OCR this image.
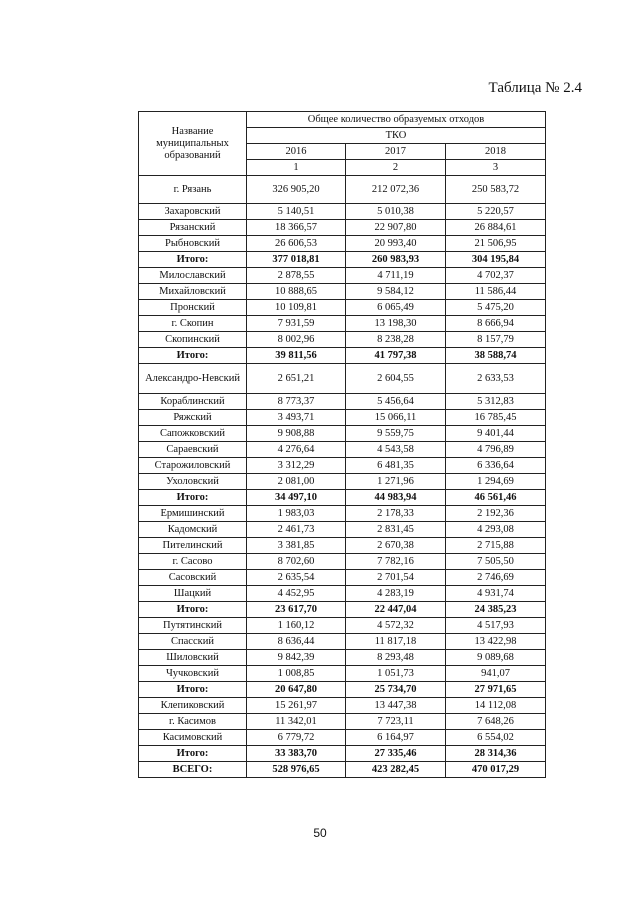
Таблица № 2.4
Название муниципальных образований	Общее количество образуемых отходов		
	ТКО		
	2016	2017	2018
	1	2	3
г. Рязань	326 905,20	212 072,36	250 583,72
Захаровский	5 140,51	5 010,38	5 220,57
Рязанский	18 366,57	22 907,80	26 884,61
Рыбновский	26 606,53	20 993,40	21 506,95
Итого:	377 018,81	260 983,93	304 195,84
Милославский	2 878,55	4 711,19	4 702,37
Михайловский	10 888,65	9 584,12	11 586,44
Пронский	10 109,81	6 065,49	5 475,20
г. Скопин	7 931,59	13 198,30	8 666,94
Скопинский	8 002,96	8 238,28	8 157,79
Итого:	39 811,56	41 797,38	38 588,74
Александро-Невский	2 651,21	2 604,55	2 633,53
Кораблинский	8 773,37	5 456,64	5 312,83
Ряжский	3 493,71	15 066,11	16 785,45
Сапожковский	9 908,88	9 559,75	9 401,44
Сараевский	4 276,64	4 543,58	4 796,89
Старожиловский	3 312,29	6 481,35	6 336,64
Ухоловский	2 081,00	1 271,96	1 294,69
Итого:	34 497,10	44 983,94	46 561,46
Ермишинский	1 983,03	2 178,33	2 192,36
Кадомский	2 461,73	2 831,45	4 293,08
Пителинский	3 381,85	2 670,38	2 715,88
г. Сасово	8 702,60	7 782,16	7 505,50
Сасовский	2 635,54	2 701,54	2 746,69
Шацкий	4 452,95	4 283,19	4 931,74
Итого:	23 617,70	22 447,04	24 385,23
Путятинский	1 160,12	4 572,32	4 517,93
Спасский	8 636,44	11 817,18	13 422,98
Шиловский	9 842,39	8 293,48	9 089,68
Чучковский	1 008,85	1 051,73	941,07
Итого:	20 647,80	25 734,70	27 971,65
Клепиковский	15 261,97	13 447,38	14 112,08
г. Касимов	11 342,01	7 723,11	7 648,26
Касимовский	6 779,72	6 164,97	6 554,02
Итого:	33 383,70	27 335,46	28 314,36
ВСЕГО:	528 976,65	423 282,45	470 017,29
50
